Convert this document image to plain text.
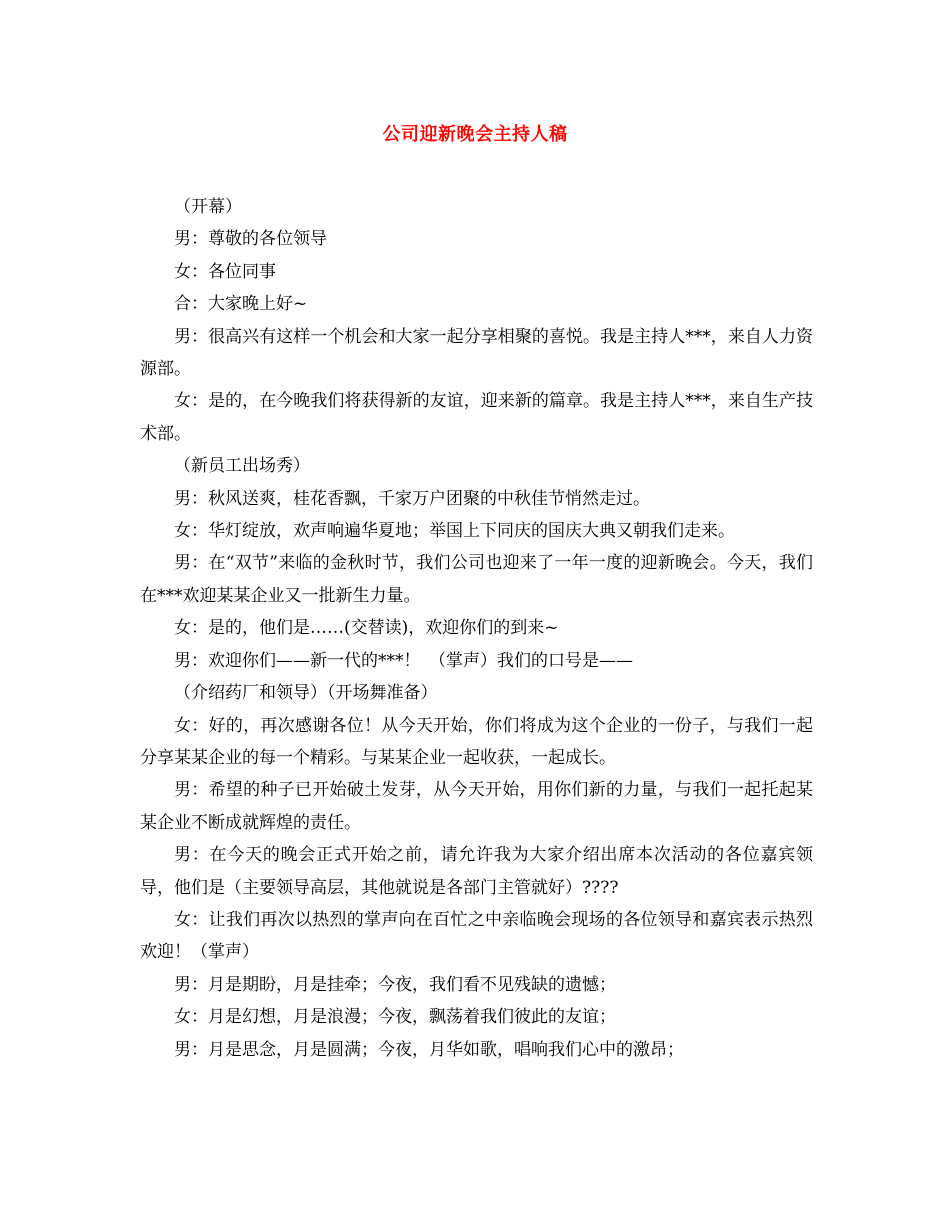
公司迎新晚会主持人稿

（开幕）

男：尊敬的各位领导

女：各位同事

合：大家晚上好~

男：很高兴有这样一个机会和大家一起分享相聚的喜悦。我是主持人***，来自人力资源部。

女：是的，在今晚我们将获得新的友谊，迎来新的篇章。我是主持人***，来自生产技术部。

（新员工出场秀）

男：秋风送爽，桂花香飘，千家万户团聚的中秋佳节悄然走过。

女：华灯绽放，欢声响遍华夏地；举国上下同庆的国庆大典又朝我们走来。

男：在“双节”来临的金秋时节，我们公司也迎来了一年一度的迎新晚会。今天，我们在***欢迎某某企业又一批新生力量。

女：是的，他们是……(交替读)，欢迎你们的到来~

男：欢迎你们——新一代的***！　（掌声）我们的口号是——

（介绍药厂和领导）（开场舞准备）

女：好的，再次感谢各位！从今天开始，你们将成为这个企业的一份子，与我们一起分享某某企业的每一个精彩。与某某企业一起收获，一起成长。

男：希望的种子已开始破土发芽，从今天开始，用你们新的力量，与我们一起托起某某企业不断成就辉煌的责任。

男：在今天的晚会正式开始之前，请允许我为大家介绍出席本次活动的各位嘉宾领导，他们是（主要领导高层，其他就说是各部门主管就好）????

女：让我们再次以热烈的掌声向在百忙之中亲临晚会现场的各位领导和嘉宾表示热烈欢迎！（掌声）

男：月是期盼，月是挂牵；今夜，我们看不见残缺的遗憾；

女：月是幻想，月是浪漫；今夜，飘荡着我们彼此的友谊；

男：月是思念，月是圆满；今夜，月华如歌，唱响我们心中的激昂；
